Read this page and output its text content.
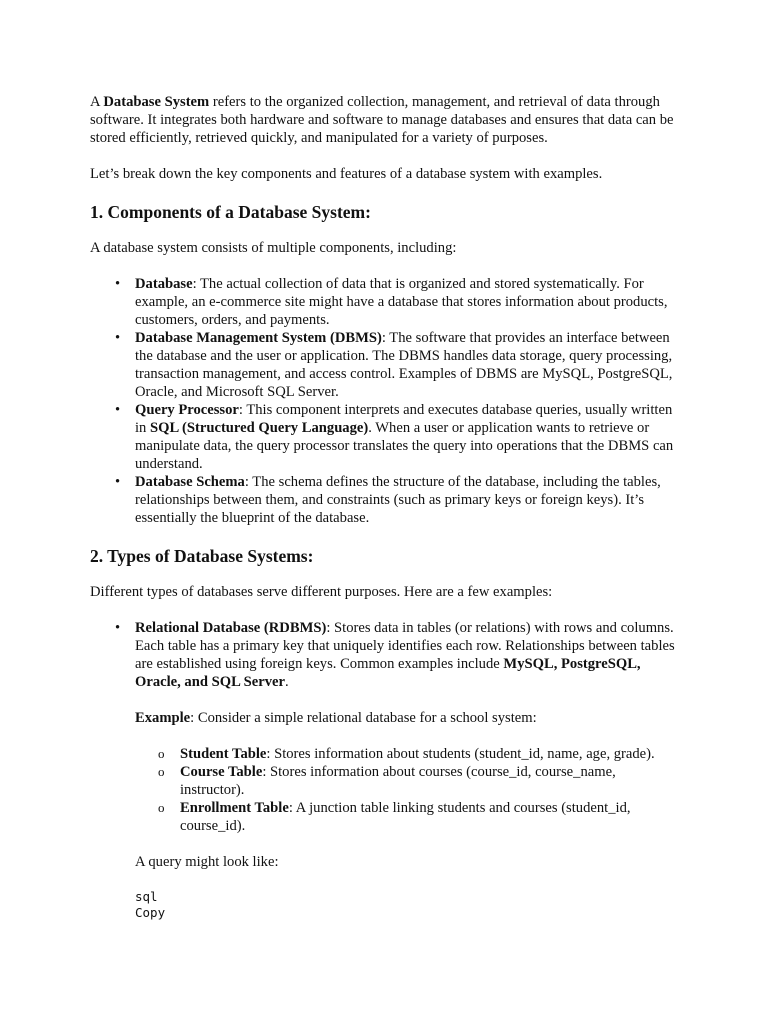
A Database System refers to the organized collection, management, and retrieval of data through software. It integrates both hardware and software to manage databases and ensures that data can be stored efficiently, retrieved quickly, and manipulated for a variety of purposes.

Let’s break down the key components and features of a database system with examples.

1. Components of a Database System:

A database system consists of multiple components, including:

• Database: The actual collection of data that is organized and stored systematically. For example, an e-commerce site might have a database that stores information about products, customers, orders, and payments.
• Database Management System (DBMS): The software that provides an interface between the database and the user or application. The DBMS handles data storage, query processing, transaction management, and access control. Examples of DBMS are MySQL, PostgreSQL, Oracle, and Microsoft SQL Server.
• Query Processor: This component interprets and executes database queries, usually written in SQL (Structured Query Language). When a user or application wants to retrieve or manipulate data, the query processor translates the query into operations that the DBMS can understand.
• Database Schema: The schema defines the structure of the database, including the tables, relationships between them, and constraints (such as primary keys or foreign keys). It’s essentially the blueprint of the database.
2. Types of Database Systems:

Different types of databases serve different purposes. Here are a few examples:

• Relational Database (RDBMS): Stores data in tables (or relations) with rows and columns. Each table has a primary key that uniquely identifies each row. Relationships between tables are established using foreign keys. Common examples include MySQL, PostgreSQL, Oracle, and SQL Server.

Example: Consider a simple relational database for a school system:

o Student Table: Stores information about students (student_id, name, age, grade).
o Course Table: Stores information about courses (course_id, course_name, instructor).
o Enrollment Table: A junction table linking students and courses (student_id, course_id).

A query might look like:

sql
Copy
